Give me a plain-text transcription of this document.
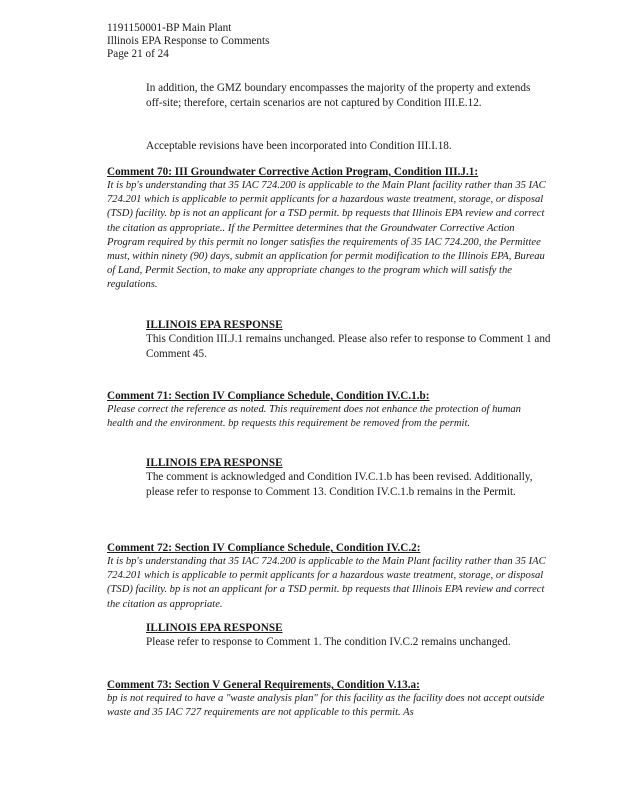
1191150001-BP Main Plant
Illinois EPA Response to Comments
Page 21 of 24

In addition, the GMZ boundary encompasses the majority of the property and extends off-site; therefore, certain scenarios are not captured by Condition III.E.12.

Acceptable revisions have been incorporated into Condition III.I.18.

Comment 70: III Groundwater Corrective Action Program, Condition III.J.1:

It is bp's understanding that 35 IAC 724.200 is applicable to the Main Plant facility rather than 35 IAC 724.201 which is applicable to permit applicants for a hazardous waste treatment, storage, or disposal (TSD) facility. bp is not an applicant for a TSD permit. bp requests that Illinois EPA review and correct the citation as appropriate.. If the Permittee determines that the Groundwater Corrective Action Program required by this permit no longer satisfies the requirements of 35 IAC 724.200, the Permittee must, within ninety (90) days, submit an application for permit modification to the Illinois EPA, Bureau of Land, Permit Section, to make any appropriate changes to the program which will satisfy the regulations.

ILLINOIS EPA RESPONSE

This Condition III.J.1 remains unchanged. Please also refer to response to Comment 1 and Comment 45.

Comment 71: Section IV Compliance Schedule, Condition IV.C.1.b:

Please correct the reference as noted. This requirement does not enhance the protection of human health and the environment. bp requests this requirement be removed from the permit.

ILLINOIS EPA RESPONSE

The comment is acknowledged and Condition IV.C.1.b has been revised. Additionally, please refer to response to Comment 13. Condition IV.C.1.b remains in the Permit.

Comment 72: Section IV Compliance Schedule, Condition IV.C.2:

It is bp's understanding that 35 IAC 724.200 is applicable to the Main Plant facility rather than 35 IAC 724.201 which is applicable to permit applicants for a hazardous waste treatment, storage, or disposal (TSD) facility. bp is not an applicant for a TSD permit. bp requests that Illinois EPA review and correct the citation as appropriate.

ILLINOIS EPA RESPONSE

Please refer to response to Comment 1. The condition IV.C.2 remains unchanged.

Comment 73: Section V General Requirements, Condition V.13.a:

bp is not required to have a "waste analysis plan" for this facility as the facility does not accept outside waste and 35 IAC 727 requirements are not applicable to this permit. As
